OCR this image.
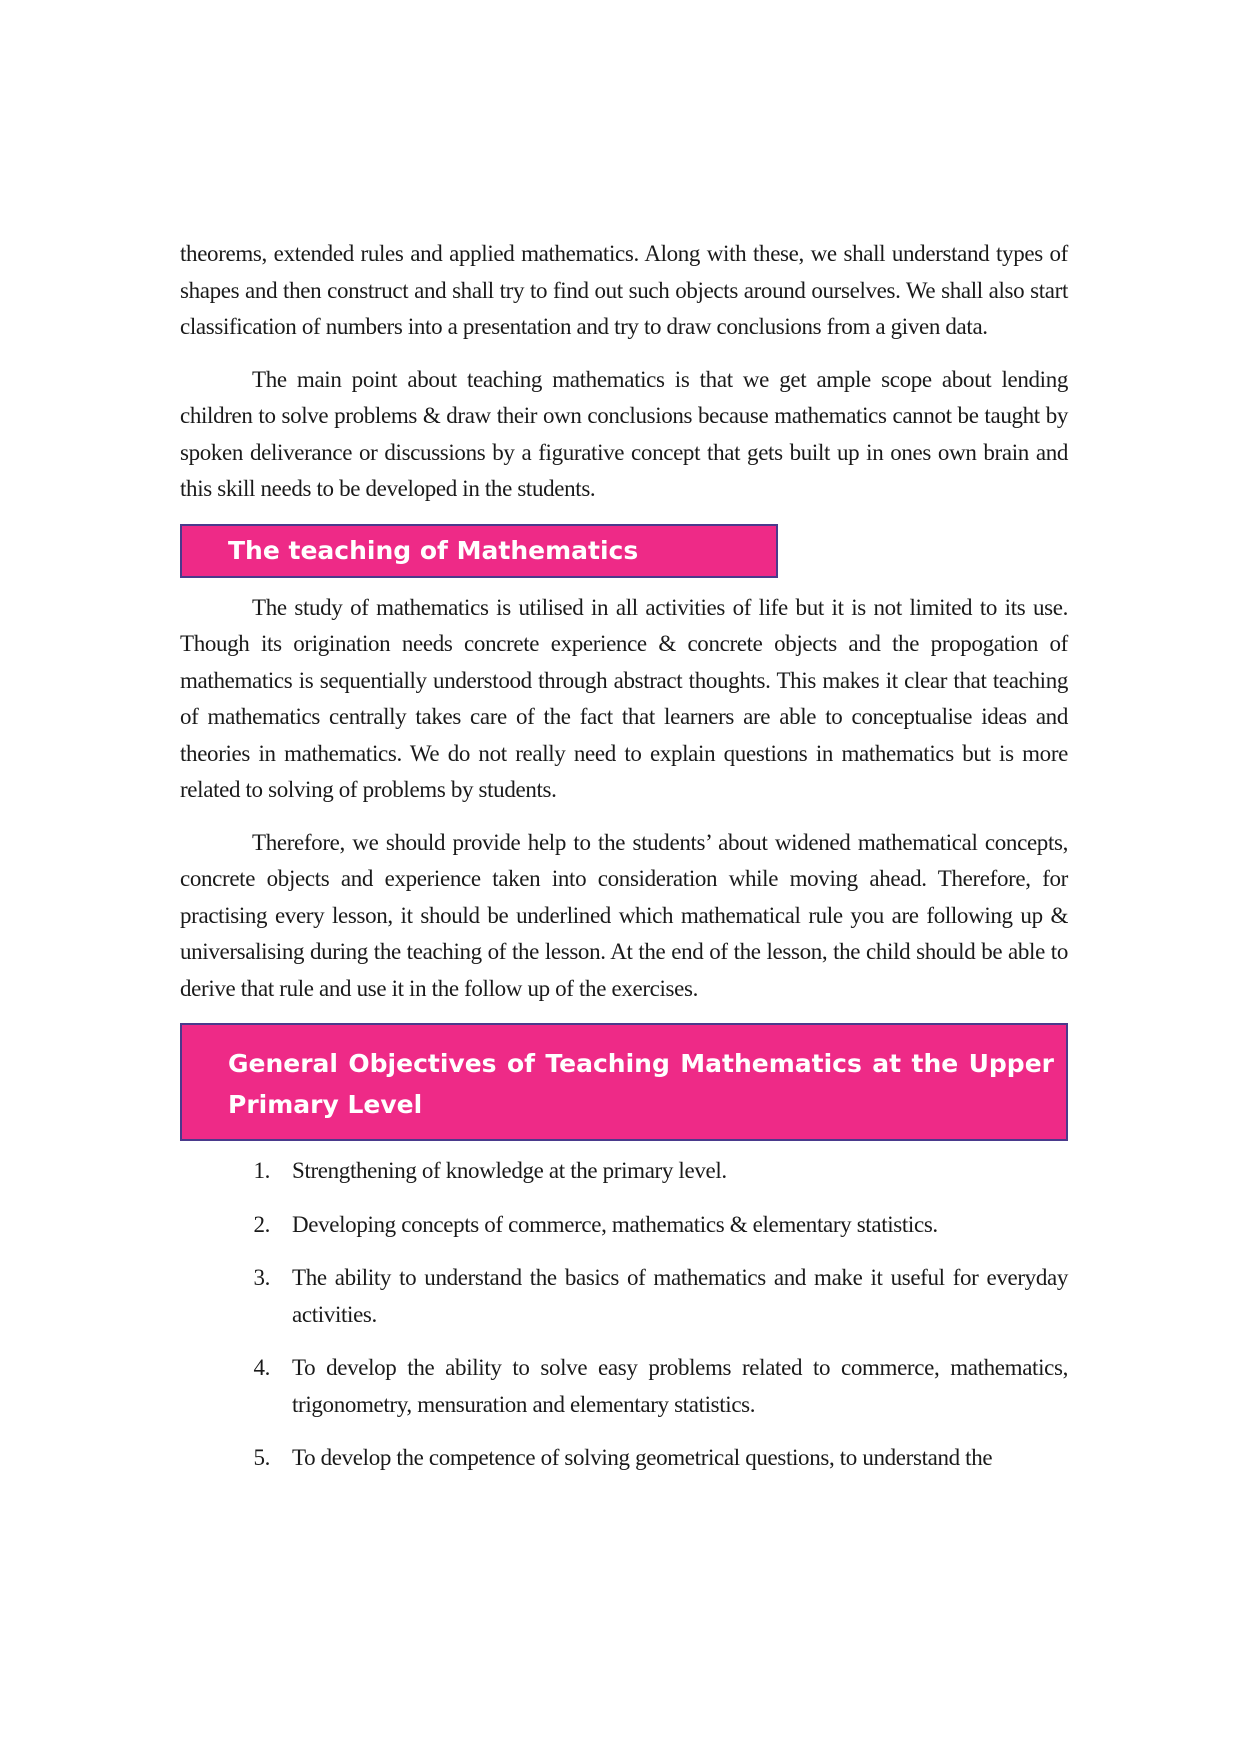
theorems, extended rules and applied mathematics. Along with these, we shall understand types of shapes and then construct and shall try to find out such objects around ourselves. We shall also start classification of numbers into a presentation and try to draw conclusions from a given data.

The main point about teaching mathematics is that we get ample scope about lending children to solve problems & draw their own conclusions because mathematics cannot be taught by spoken deliverance or discussions by a figurative concept that gets built up in ones own brain and this skill needs to be developed in the students.

The teaching of Mathematics

The study of mathematics is utilised in all activities of life but it is not limited to its use. Though its origination needs concrete experience & concrete objects and the propogation of mathematics is sequentially understood through abstract thoughts. This makes it clear that teaching of mathematics centrally takes care of the fact that learners are able to conceptualise ideas and theories in mathematics. We do not really need to explain questions in mathematics but is more related to solving of problems by students.

Therefore, we should provide help to the students’ about widened mathematical concepts, concrete objects and experience taken into consideration while moving ahead. Therefore, for practising every lesson, it should be underlined which mathematical rule you are following up & universalising during the teaching of the lesson. At the end of the lesson, the child should be able to derive that rule and use it in the follow up of the exercises.

General Objectives of Teaching Mathematics at the Upper Primary Level
1. Strengthening of knowledge at the primary level.
2. Developing concepts of commerce, mathematics & elementary statistics.
3. The ability to understand the basics of mathematics and make it useful for everyday activities.
4. To develop the ability to solve easy problems related to commerce, mathematics, trigonometry, mensuration and elementary statistics.
5. To develop the competence of solving geometrical questions, to understand the
